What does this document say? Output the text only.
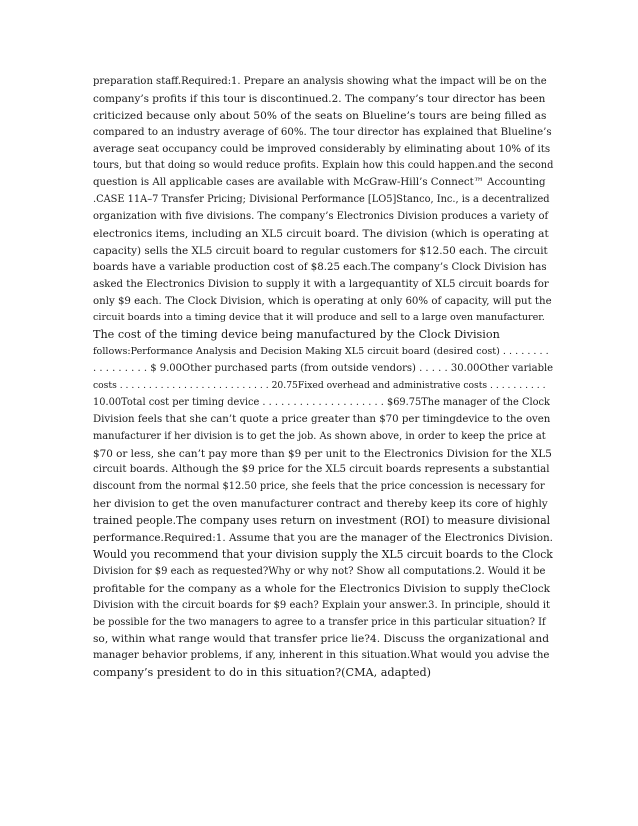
preparation staff.Required:1. Prepare an analysis showing what the impact will be on the
company’s profits if this tour is discontinued.2. The company’s tour director has been
criticized because only about 50% of the seats on Blueline’s tours are being filled as
compared to an industry average of 60%. The tour director has explained that Blueline’s
average seat occupancy could be improved considerably by eliminating about 10% of its
tours, but that doing so would reduce profits. Explain how this could happen.and the second
question is All applicable cases are available with McGraw-Hill’s Connect™ Accounting
.CASE 11A–7 Transfer Pricing; Divisional Performance [LO5]Stanco, Inc., is a decentralized
organization with five divisions. The company’s Electronics Division produces a variety of
electronics items, including an XL5 circuit board. The division (which is operating at
capacity) sells the XL5 circuit board to regular customers for $12.50 each. The circuit
boards have a variable production cost of $8.25 each.The company’s Clock Division has
asked the Electronics Division to supply it with a largequantity of XL5 circuit boards for
only $9 each. The Clock Division, which is operating at only 60% of capacity, will put the
circuit boards into a timing device that it will produce and sell to a large oven manufacturer.
The cost of the timing device being manufactured by the Clock Division
follows:Performance Analysis and Decision Making XL5 circuit board (desired cost) . . . . . . . .
. . . . . . . . . $ 9.00Other purchased parts (from outside vendors) . . . . . 30.00Other variable
costs . . . . . . . . . . . . . . . . . . . . . . . . . . 20.75Fixed overhead and administrative costs . . . . . . . . . .
10.00Total cost per timing device . . . . . . . . . . . . . . . . . . . . $69.75The manager of the Clock
Division feels that she can’t quote a price greater than $70 per timingdevice to the oven
manufacturer if her division is to get the job. As shown above, in order to keep the price at
$70 or less, she can’t pay more than $9 per unit to the Electronics Division for the XL5
circuit boards. Although the $9 price for the XL5 circuit boards represents a substantial
discount from the normal $12.50 price, she feels that the price concession is necessary for
her division to get the oven manufacturer contract and thereby keep its core of highly
trained people.The company uses return on investment (ROI) to measure divisional
performance.Required:1. Assume that you are the manager of the Electronics Division.
Would you recommend that your division supply the XL5 circuit boards to the Clock
Division for $9 each as requested?Why or why not? Show all computations.2. Would it be
profitable for the company as a whole for the Electronics Division to supply theClock
Division with the circuit boards for $9 each? Explain your answer.3. In principle, should it
be possible for the two managers to agree to a transfer price in this particular situation? If
so, within what range would that transfer price lie?4. Discuss the organizational and
manager behavior problems, if any, inherent in this situation.What would you advise the
company’s president to do in this situation?(CMA, adapted)
